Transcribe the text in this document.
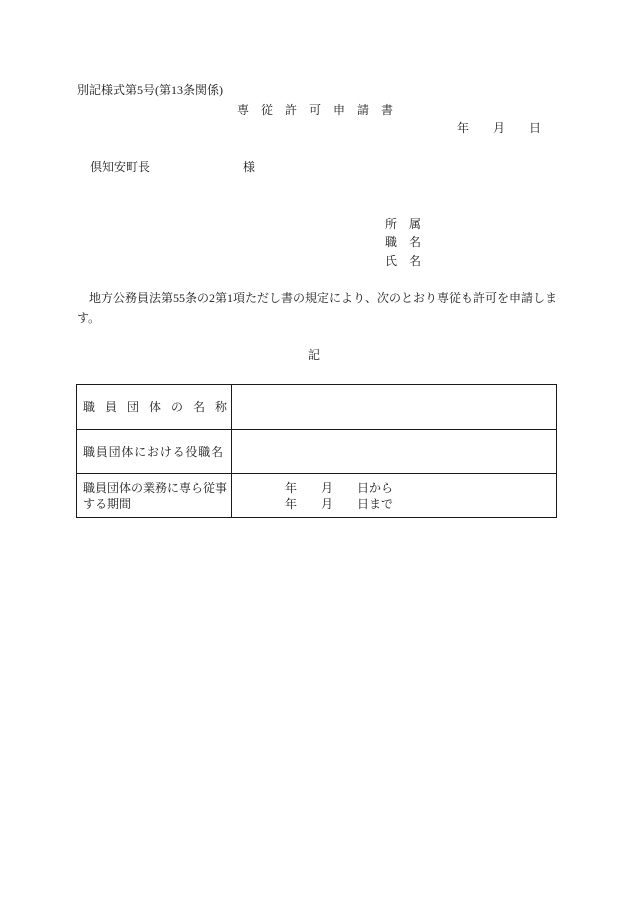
別記様式第5号(第13条関係)
専　従　許　可　申　請　書
年　　月　　日
倶知安町長	様
所　属
職　名
氏　名
地方公務員法第55条の2第1項ただし書の規定により、次のとおり専従も許可を申請します。
記
職　員　団　体　の　名　称
職員団体における役職名
職員団体の業務に専ら従事する期間
年　　月　　日から
年　　月　　日まで
